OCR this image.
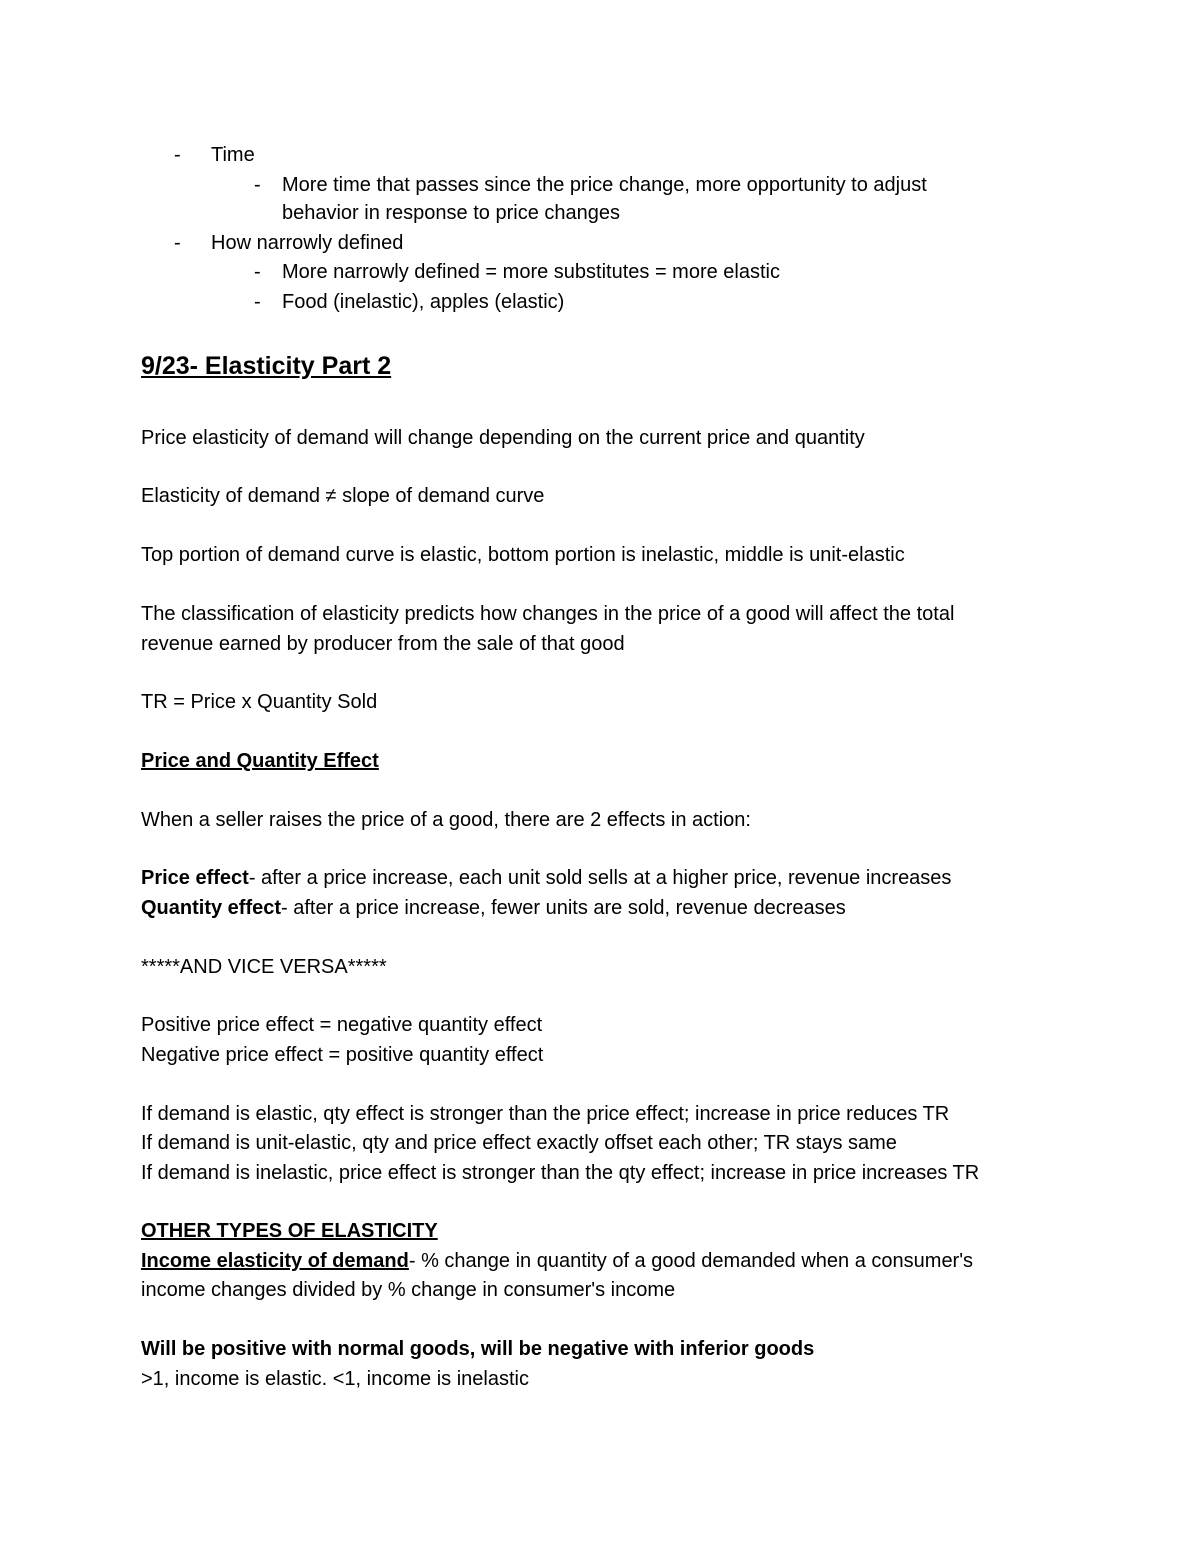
- Time
- More time that passes since the price change, more opportunity to adjust
behavior in response to price changes
- How narrowly defined
- More narrowly defined = more substitutes = more elastic
- Food (inelastic), apples (elastic)
9/23- Elasticity Part 2
Price elasticity of demand will change depending on the current price and quantity
Elasticity of demand ≠ slope of demand curve
Top portion of demand curve is elastic, bottom portion is inelastic, middle is unit-elastic
The classification of elasticity predicts how changes in the price of a good will affect the total
revenue earned by producer from the sale of that good
TR = Price x Quantity Sold
Price and Quantity Effect
When a seller raises the price of a good, there are 2 effects in action:
Price effect- after a price increase, each unit sold sells at a higher price, revenue increases
Quantity effect- after a price increase, fewer units are sold, revenue decreases
*****AND VICE VERSA*****
Positive price effect = negative quantity effect
Negative price effect = positive quantity effect
If demand is elastic, qty effect is stronger than the price effect; increase in price reduces TR
If demand is unit-elastic, qty and price effect exactly offset each other; TR stays same
If demand is inelastic, price effect is stronger than the qty effect; increase in price increases TR
OTHER TYPES OF ELASTICITY
Income elasticity of demand- % change in quantity of a good demanded when a consumer's
income changes divided by % change in consumer's income
Will be positive with normal goods, will be negative with inferior goods
>1, income is elastic. <1, income is inelastic
